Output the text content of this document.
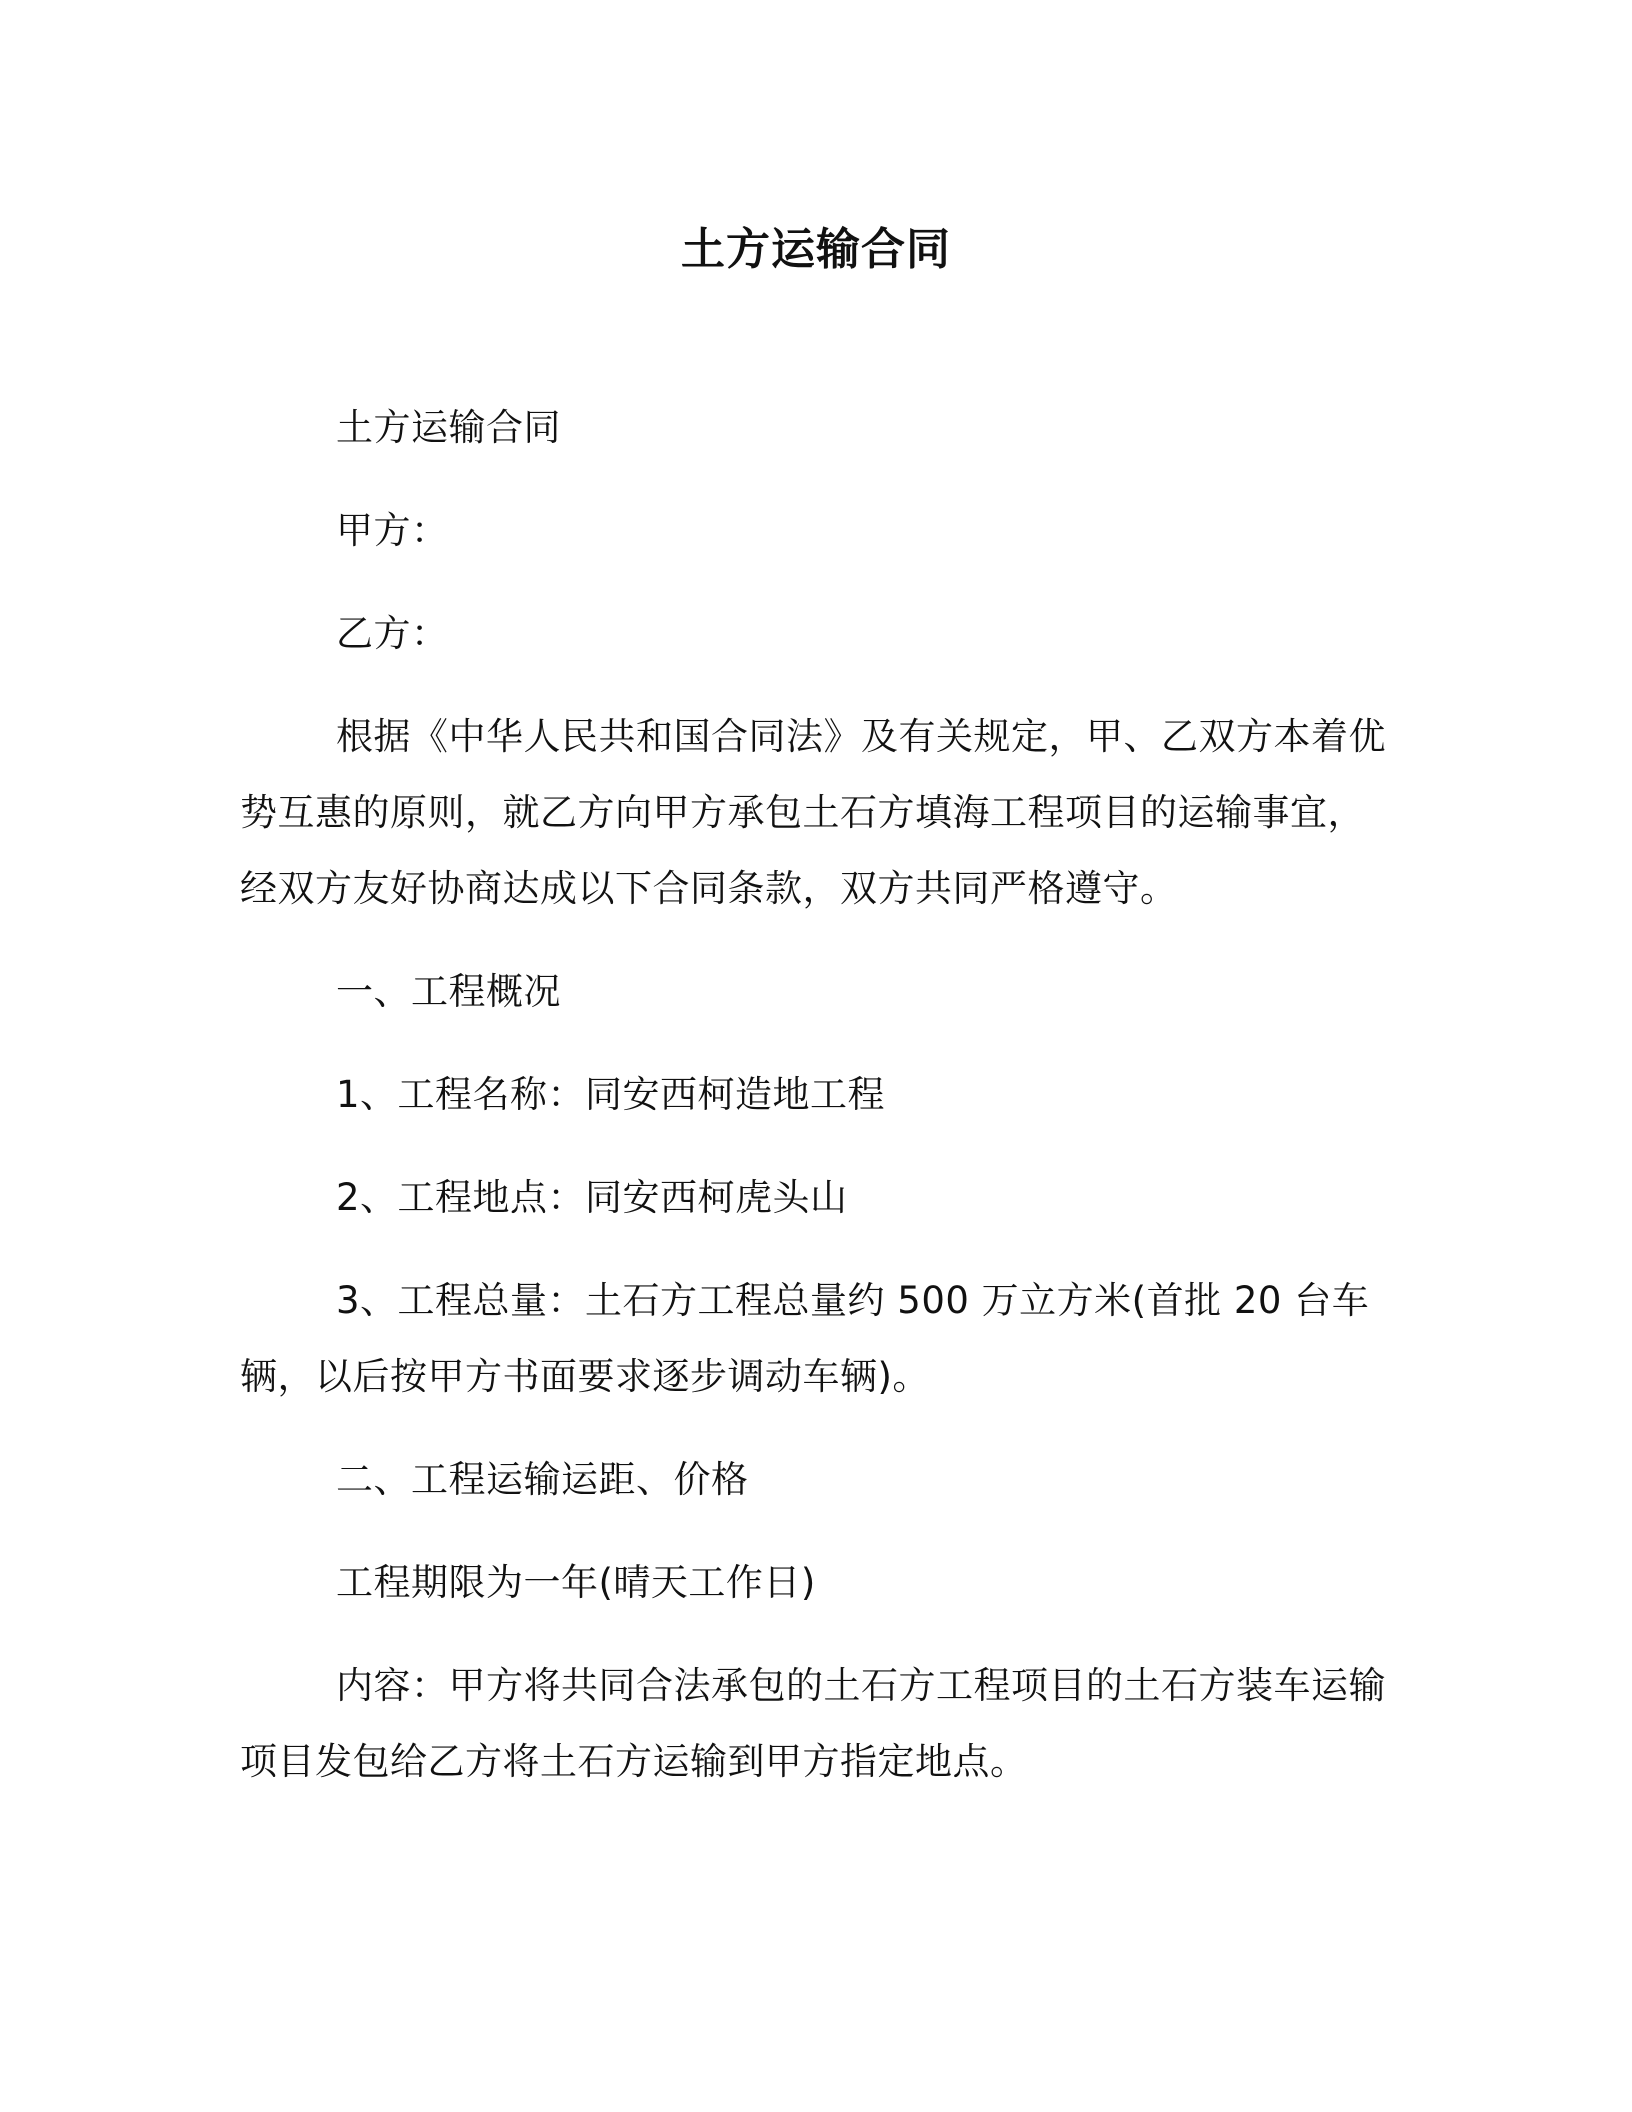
土方运输合同

土方运输合同

甲方：

乙方：

根据《中华人民共和国合同法》及有关规定，甲、乙双方本着优势互惠的原则，就乙方向甲方承包土石方填海工程项目的运输事宜，经双方友好协商达成以下合同条款，双方共同严格遵守。

一、工程概况

1、工程名称：同安西柯造地工程

2、工程地点：同安西柯虎头山

3、工程总量：土石方工程总量约 500 万立方米(首批 20 台车辆，以后按甲方书面要求逐步调动车辆)。

二、工程运输运距、价格

工程期限为一年(晴天工作日)

内容：甲方将共同合法承包的土石方工程项目的土石方装车运输项目发包给乙方将土石方运输到甲方指定地点。
